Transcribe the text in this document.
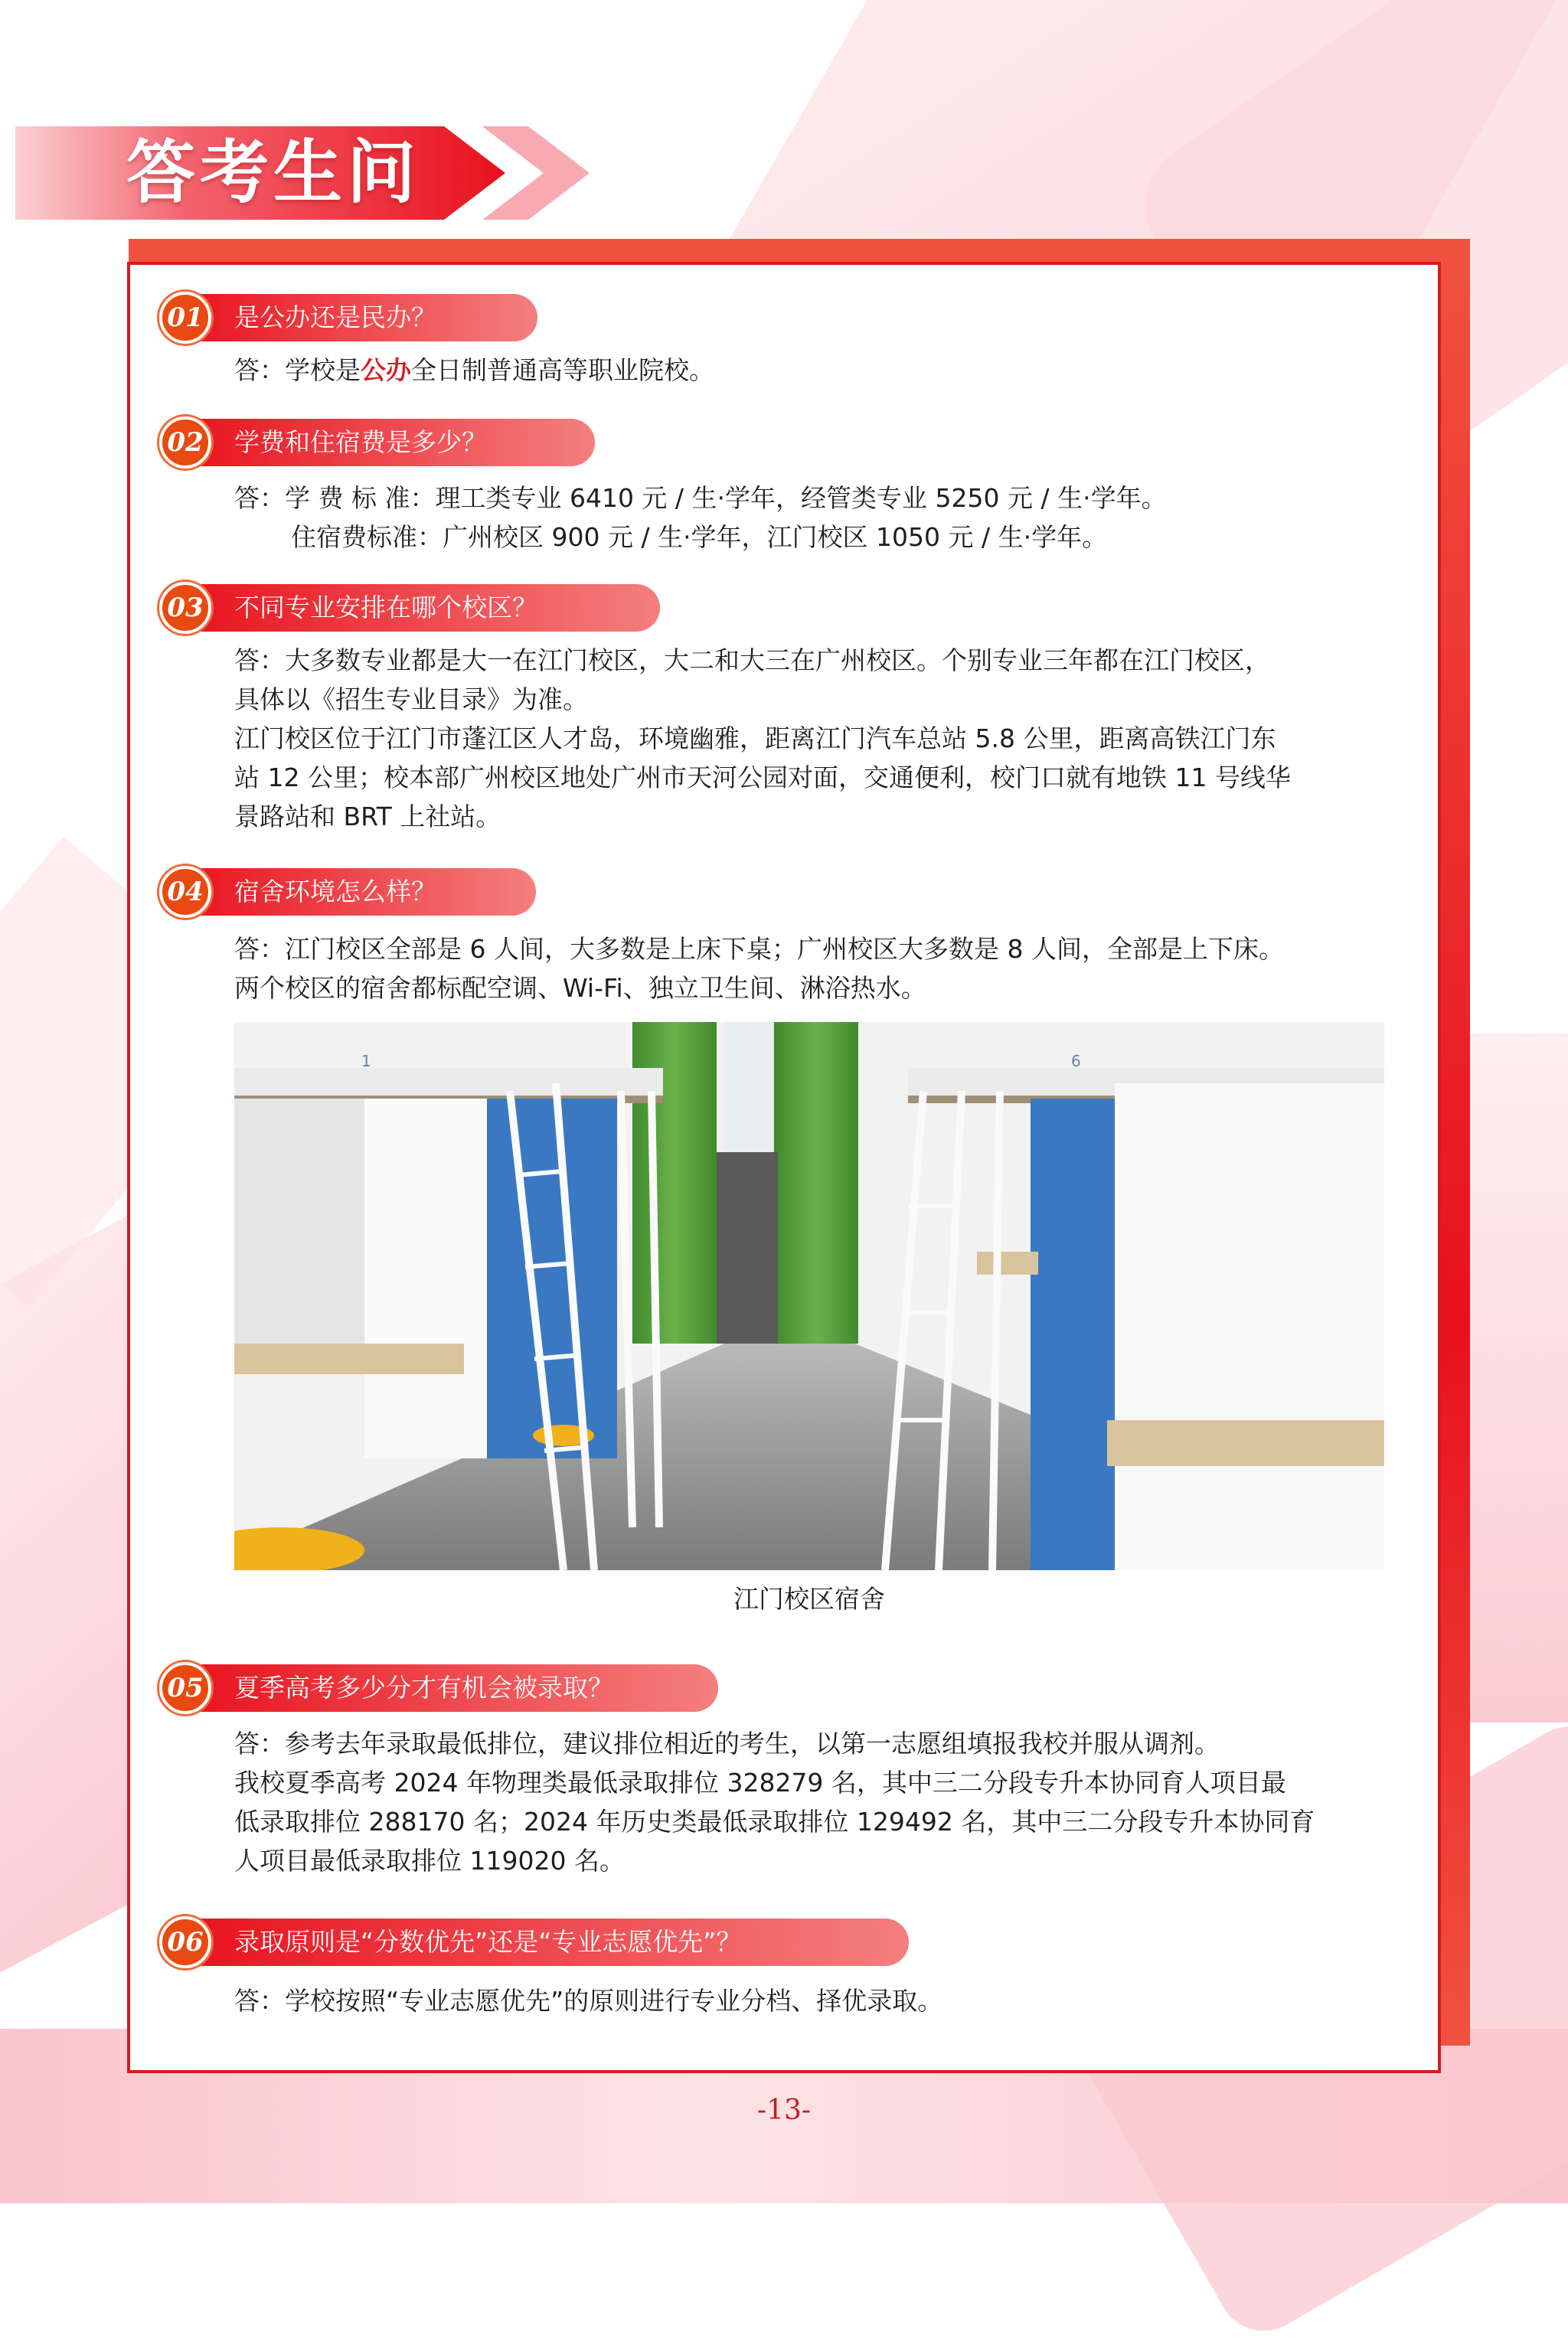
答考生问
01	是公办还是民办？

答：学校是公办全日制普通高等职业院校。

02	学费和住宿费是多少？

答：学 费 标 准：理工类专业 6410 元 / 生·学年，经管类专业 5250 元 / 生·学年。

住宿费标准：广州校区 900 元 / 生·学年，江门校区 1050 元 / 生·学年。

03	不同专业安排在哪个校区？

答：大多数专业都是大一在江门校区，大二和大三在广州校区。个别专业三年都在江门校区，

具体以《招生专业目录》为准。

江门校区位于江门市蓬江区人才岛，环境幽雅，距离江门汽车总站 5.8 公里，距离高铁江门东

站 12 公里；校本部广州校区地处广州市天河公园对面，交通便利，校门口就有地铁 11 号线华

景路站和 BRT 上社站。

04	宿舍环境怎么样？

答：江门校区全部是 6 人间，大多数是上床下桌；广州校区大多数是 8 人间，全部是上下床。

两个校区的宿舍都标配空调、Wi-Fi、独立卫生间、淋浴热水。

1	6
江门校区宿舍
05	夏季高考多少分才有机会被录取？

答：参考去年录取最低排位，建议排位相近的考生，以第一志愿组填报我校并服从调剂。

我校夏季高考 2024 年物理类最低录取排位 328279 名，其中三二分段专升本协同育人项目最

低录取排位 288170 名；2024 年历史类最低录取排位 129492 名，其中三二分段专升本协同育

人项目最低录取排位 119020 名。

06	录取原则是“分数优先”还是“专业志愿优先”？

答：学校按照“专业志愿优先”的原则进行专业分档、择优录取。

-13-
